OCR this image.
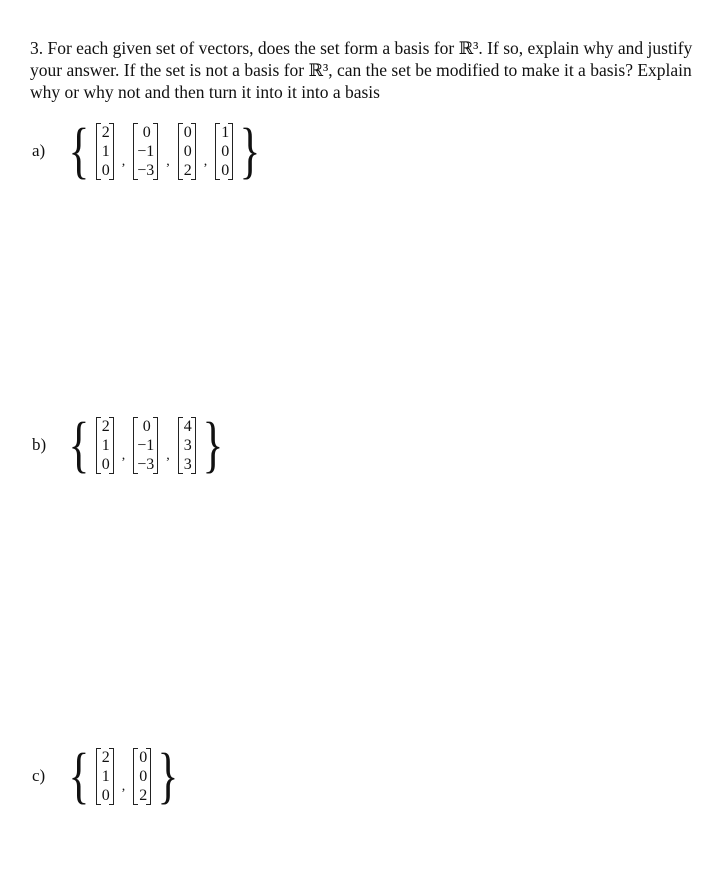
3. For each given set of vectors, does the set form a basis for ℝ³. If so, explain why and justify your answer. If the set is not a basis for ℝ³, can the set be modified to make it a basis? Explain why or why not and then turn it into it into a basis
a) { 2
1
0 ,
0
−1
−3 ,
0
0
2 ,
1
0
0 }
b) { 2
1
0 ,
0
−1
−3 ,
4
3
3 }
c) { 2
1
0 ,
0
0
2 }
